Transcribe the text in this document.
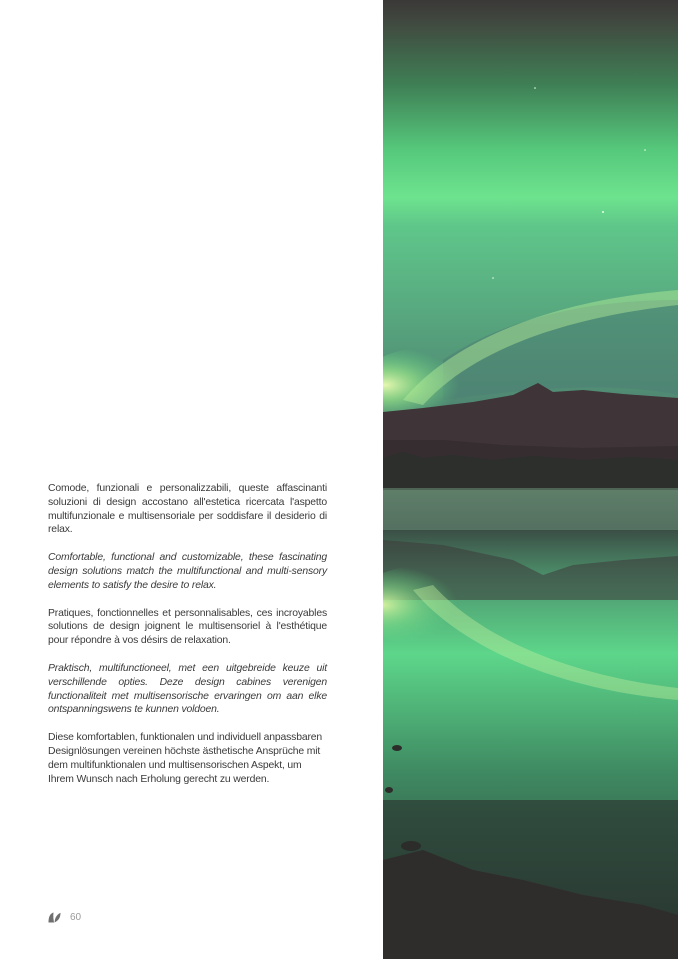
Comode, funzionali e personalizzabili, queste affascinanti soluzioni di design accostano all'estetica ricercata l'aspetto multifunzionale e multisensoriale per soddisfare il desiderio di relax.

Comfortable, functional and customizable, these fascinating design solutions match the multifunctional and multi-sensory elements to satisfy the desire to relax.

Pratiques, fonctionnelles et personnalisables, ces incroyables solutions de design joignent le multisensoriel à l'esthétique pour répondre à vos désirs de relaxation.

Praktisch, multifunctioneel, met een uitgebreide keuze uit verschillende opties. Deze design cabines verenigen functionaliteit met multisensorische ervaringen om aan elke ontspanningswens te kunnen voldoen.

Diese komfortablen, funktionalen und individuell anpassbaren Designlösungen vereinen höchste ästhetische Ansprüche mit dem multifunktionalen und multisensorischen Aspekt, um Ihrem Wunsch nach Erholung gerecht zu werden.

60
